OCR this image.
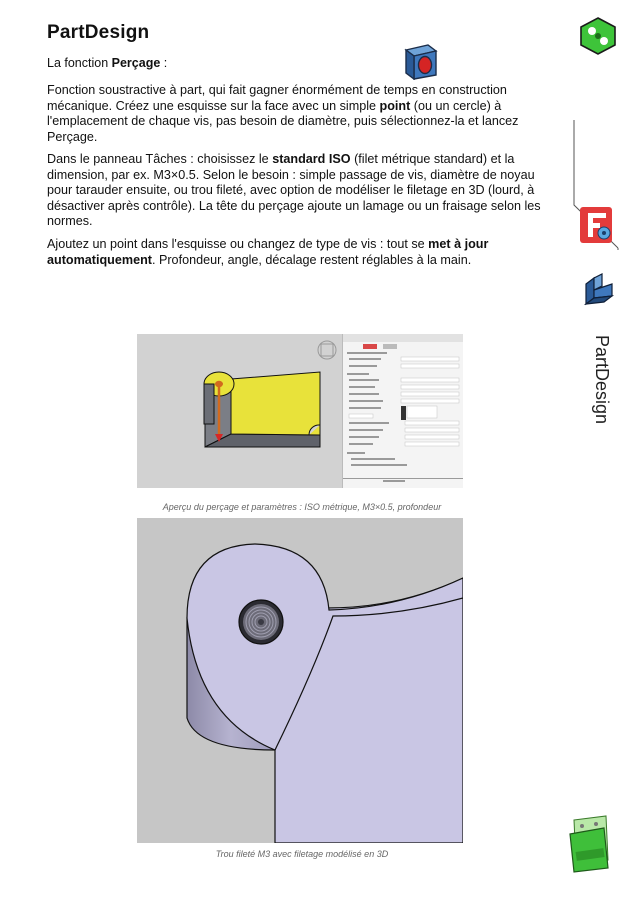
PartDesign
La fonction Perçage :

Fonction soustractive à part, qui fait gagner énormément de temps en construction mécanique. Créez une esquisse sur la face avec un simple point (ou un cercle) à l'emplacement de chaque vis, pas besoin de diamètre, puis sélectionnez-la et lancez Perçage.

Dans le panneau Tâches : choisissez le standard ISO (filet métrique standard) et la dimension, par ex. M3×0.5. Selon le besoin : simple passage de vis, diamètre de noyau pour tarauder ensuite, ou trou fileté, avec option de modéliser le filetage en 3D (lourd, à désactiver après contrôle). La tête du perçage ajoute un lamage ou un fraisage selon les normes.

Ajoutez un point dans l'esquisse ou changez de type de vis : tout se met à jour automatiquement. Profondeur, angle, décalage restent réglables à la main.

Aperçu du perçage et paramètres : ISO métrique, M3×0.5, profondeur
Trou fileté M3 avec filetage modélisé en 3D
PartDesign
